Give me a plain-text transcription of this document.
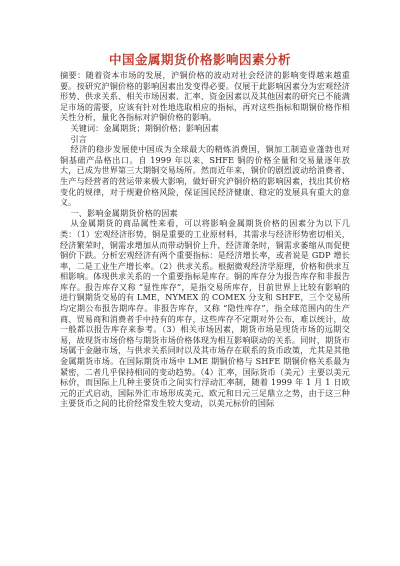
中国金属期货价格影响因素分析

摘要：随着资本市场的发展，沪铜价格的波动对社会经济的影响变得越来越重要。按研究沪铜价格的影响因素出发变得必要。仅展于此影响因素分为宏观经济形势、供求关系、相关市场因素、汇率、资金因素以及其他因素的研究已不能满足市场的需要，应该有针对性地选取相应的指标，再对这些指标和期铜价格作相关性分析，量化各指标对沪铜价格的影响。

关键词：金属期货；期铜价格；影响因素

引言

经济的稳步发展使中国成为全球最大的精炼消费国，铜加工制造业蓬勃也对铜基础产品格出口。自 1999 年以来，SHFE 铜的价格全量和交易量逐年放大，已成为世界第三大期铜交易场所。然而近年来，铜价的剧烈波动给消费者、生产与经营者的营运带来极大影响，做好研究沪铜价格的影响因素，找出其价格变化的规律，对于规避价格风险，保证国民经济健康、稳定的发展具有重大的意义。

一、影响金属期货价格的因素

从金属期货的商品属性来看，可以将影响金属期货价格的因素分为以下几类：（1）宏观经济形势，铜是重要的工业原材料，其需求与经济形势密切相关，经济繁荣时，铜需求增加从而带动铜价上升，经济萧条时，铜需求萎缩从而促使铜价下跌。分析宏观经济有两个重要指标：是经济增长率，或者说是 GDP 增长率，二是工业生产增长率。（2）供求关系。根据微观经济学原理，价格和供求互相影响。体现供求关系的一个重要指标是库存。铜的库存分为报告库存和非报告库存。报告库存又称 “显性库存”，是指交易所库存，目前世界上比较有影响的进行铜期货交易的有 LME，NYMEX 的 COMEX 分支和 SHFE，三个交易所均定期公布报告期库存。非报告库存，又称 “隐性库存”，指全球范围内的生产商、贸易商和消费者手中持有的库存，这些库存不定期对外公布，难以统计，故一般都以报告库存来参考。（3）相关市场因素，期货市场是现货市场的远期交易，故现货市场价格与期货市场价格体现为相互影响联动的关系。同时，期货市场属于金融市场，与供求关系同时以及其市场存在联系的货币政策，尤其是其他金属期货市场。在国际期货市场中 LME 期铜价格与 SHFE 期铜价格关系最为紧密，二者几乎保持相同的变动趋势。（4）汇率，国际货币（美元）主要以美元标价，而国际上几种主要货币之间实行浮动汇率制，随着 1999 年 1 月 1 日欧元的正式启动，国际外汇市场形成美元、欧元和日元三足鼎立之势，由于这三种主要货币之间的比价经常发生较大变动，以美元标价的国际
